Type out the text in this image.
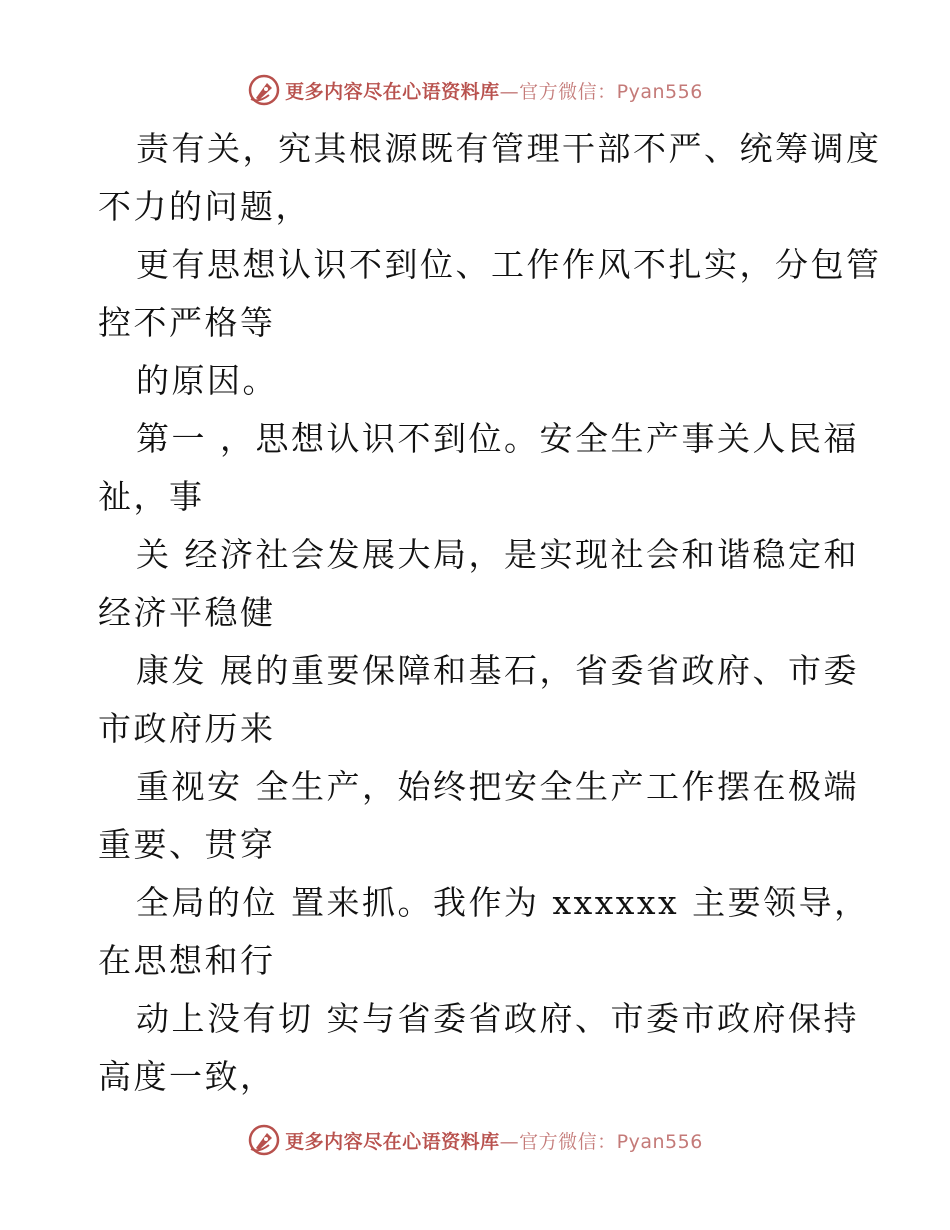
更多内容尽在心语资料库—官方微信：Pyan556
责有关，究其根源既有管理干部不严、统筹调度
不力的问题，
更有思想认识不到位、工作作风不扎实，分包管
控不严格等
的原因。
第一 ，思想认识不到位。安全生产事关人民福
祉，事
关 经济社会发展大局，是实现社会和谐稳定和
经济平稳健
康发 展的重要保障和基石，省委省政府、市委
市政府历来
重视安 全生产，始终把安全生产工作摆在极端
重要、贯穿
全局的位 置来抓。我作为 xxxxxx 主要领导，
在思想和行
动上没有切 实与省委省政府、市委市政府保持
高度一致，
更多内容尽在心语资料库—官方微信：Pyan556
